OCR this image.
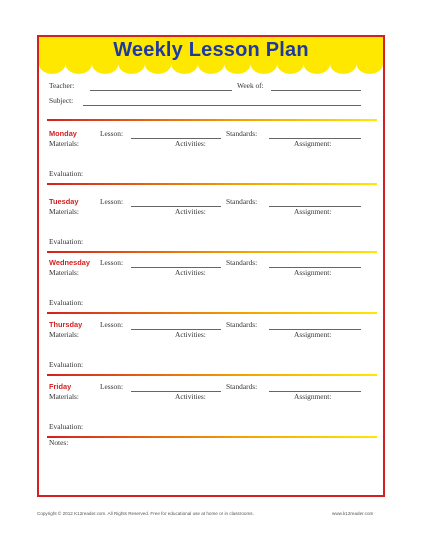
Weekly Lesson Plan
Teacher:	Week of:
Subject:
Monday	Lesson:	Standards:
Materials:	Activities:	Assignment:
Evaluation:
Tuesday	Lesson:	Standards:
Materials:	Activities:	Assignment:
Evaluation:
Wednesday Lesson:	Standards:
Materials:	Activities:	Assignment:
Evaluation:
Thursday Lesson:	Standards:
Materials:	Activities:	Assignment:
Evaluation:
Friday	Lesson:	Standards:
Materials:	Activities:	Assignment:
Evaluation:
Notes:
Copyright © 2012 K12reader.com. All Rights Reserved. Free for educational use at home or in classrooms.	www.k12reader.com
